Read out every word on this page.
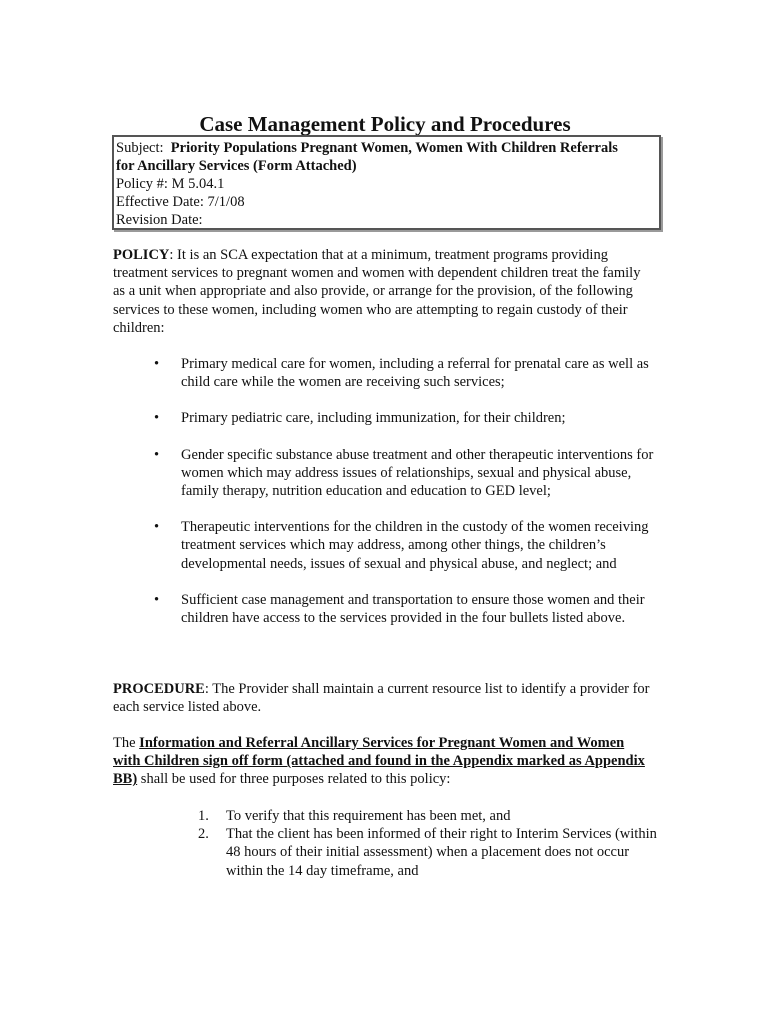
Case Management Policy and Procedures
Subject: Priority Populations Pregnant Women, Women With Children Referrals
for Ancillary Services (Form Attached)
Policy #: M 5.04.1
Effective Date: 7/1/08
Revision Date:
POLICY: It is an SCA expectation that at a minimum, treatment programs providing treatment services to pregnant women and women with dependent children treat the family as a unit when appropriate and also provide, or arrange for the provision, of the following services to these women, including women who are attempting to regain custody of their children:
• Primary medical care for women, including a referral for prenatal care as well as child care while the women are receiving such services;
• Primary pediatric care, including immunization, for their children;
• Gender specific substance abuse treatment and other therapeutic interventions for women which may address issues of relationships, sexual and physical abuse, family therapy, nutrition education and education to GED level;
• Therapeutic interventions for the children in the custody of the women receiving treatment services which may address, among other things, the children’s developmental needs, issues of sexual and physical abuse, and neglect; and
• Sufficient case management and transportation to ensure those women and their children have access to the services provided in the four bullets listed above.
PROCEDURE: The Provider shall maintain a current resource list to identify a provider for each service listed above.
The Information and Referral Ancillary Services for Pregnant Women and Women with Children sign off form (attached and found in the Appendix marked as Appendix BB) shall be used for three purposes related to this policy:
1. To verify that this requirement has been met, and
2. That the client has been informed of their right to Interim Services (within 48 hours of their initial assessment) when a placement does not occur within the 14 day timeframe, and
